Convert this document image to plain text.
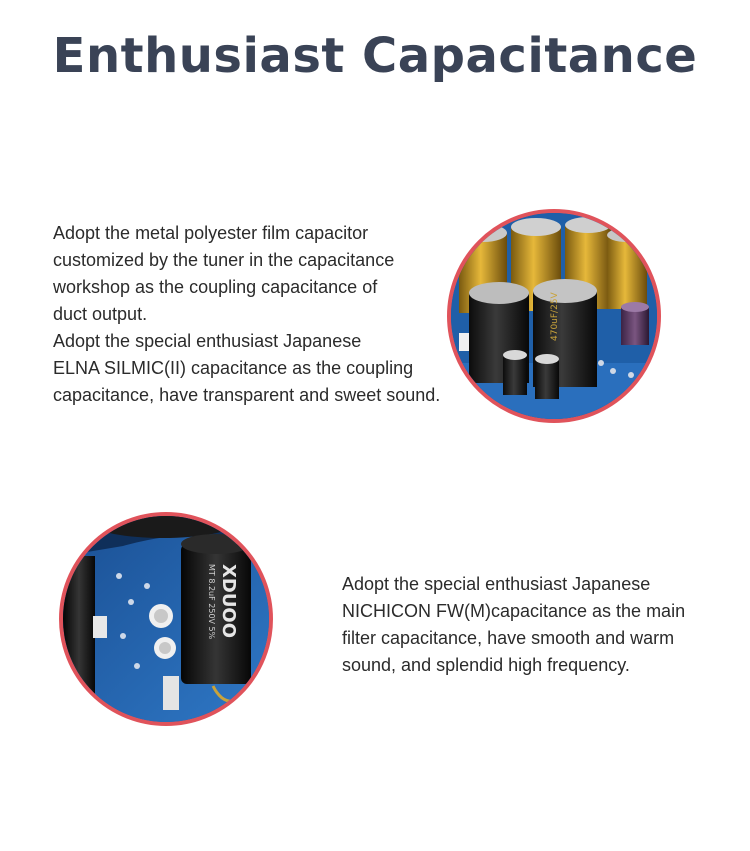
Enthusiast Capacitance
Adopt the metal polyester film capacitor
customized by the tuner in the capacitance
workshop as the coupling capacitance of
duct output.
Adopt the special enthusiast Japanese
ELNA SILMIC(II) capacitance as the coupling
capacitance, have transparent and sweet sound.
470uF/25V
XDUOO
MT 8.2uF 250V 5%	Adopt the special enthusiast Japanese
NICHICON FW(M)capacitance as the main
filter capacitance, have smooth and warm
sound, and splendid high frequency.
